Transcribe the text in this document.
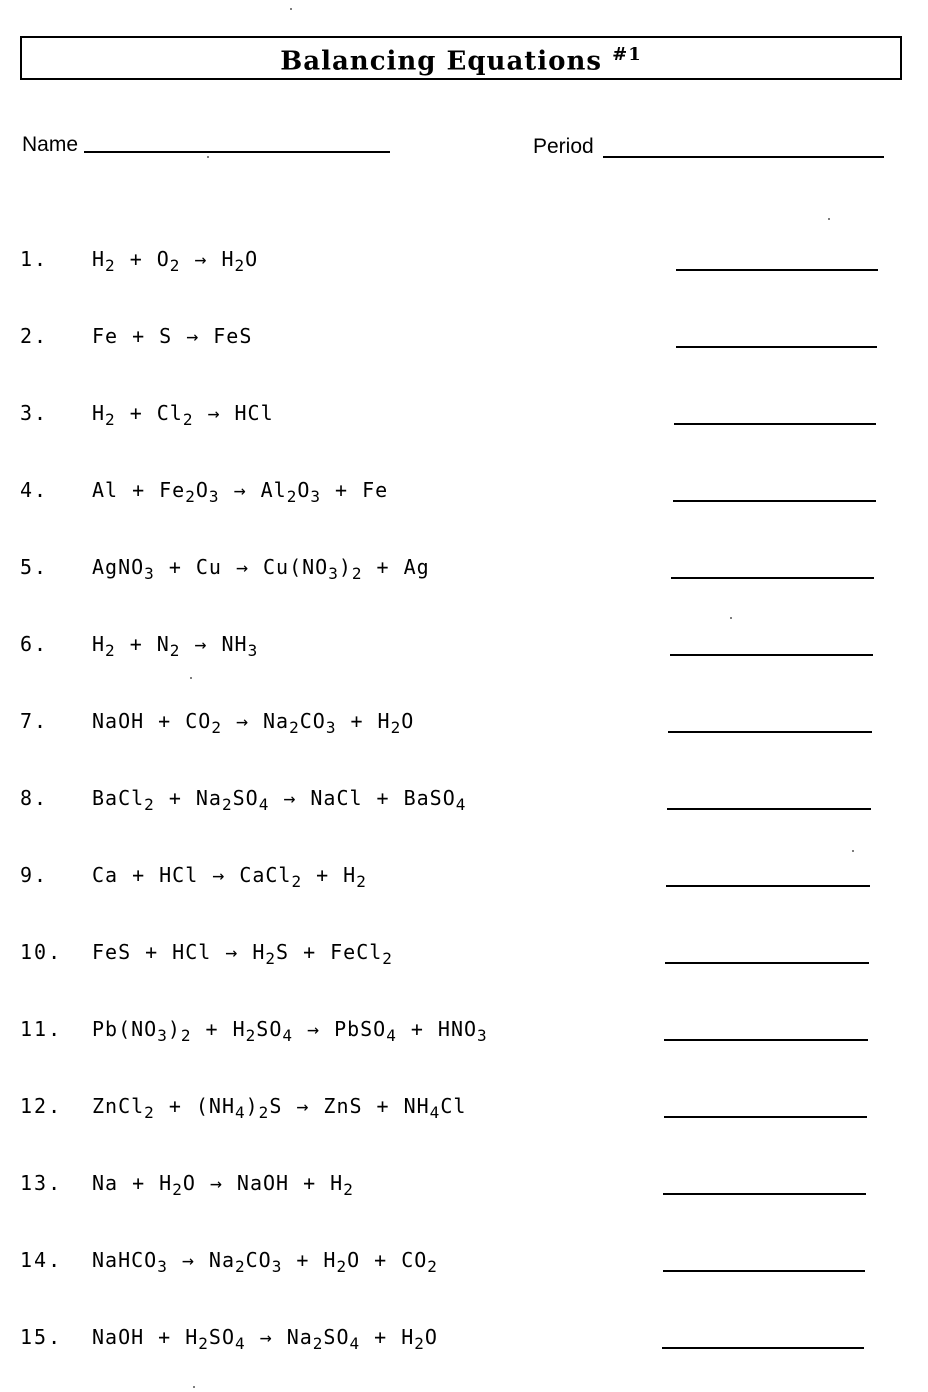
Balancing Equations $^{\#1}$
Name	Period
1. $H_2 + O_2 \to H_2O$
2. Fe + S → FeS
3. $H_2 + Cl_2$ → HCl
4. $Al + Fe_2O_3 \to Al_2O_3 + Fe$
5. AgNO$_3$ + $Cu \to Cu(NO_3)_2 + Ag$
6. $H_2 + N_2 \to NH_3$
7. NaOH + $CO_2 \to Na_2CO_3 + H_2O$
8. BaCl$_2$ + $Na_2SO_4$ → NaCl + BaSO$_4$
9. Ca + HCl → CaCl$_2$ + $H_2$
10. FeS + HCl → $H_2S$ + FeCl$_2$
11. $Pb(NO_3)_2 + H_2SO_4$ → PbSO$_4$ + $HNO_3$
12. ZnCl$_2$ + $(NH_4)_2S$ → ZnS + $NH_4Cl$
13. $Na + H_2O$ → NaOH + $H_2$
14. NaHCO$_3$ → $Na_2CO_3 + H_2O + CO_2$
15. NaOH + $H_2SO_4 \to Na_2SO_4 + H_2O$
